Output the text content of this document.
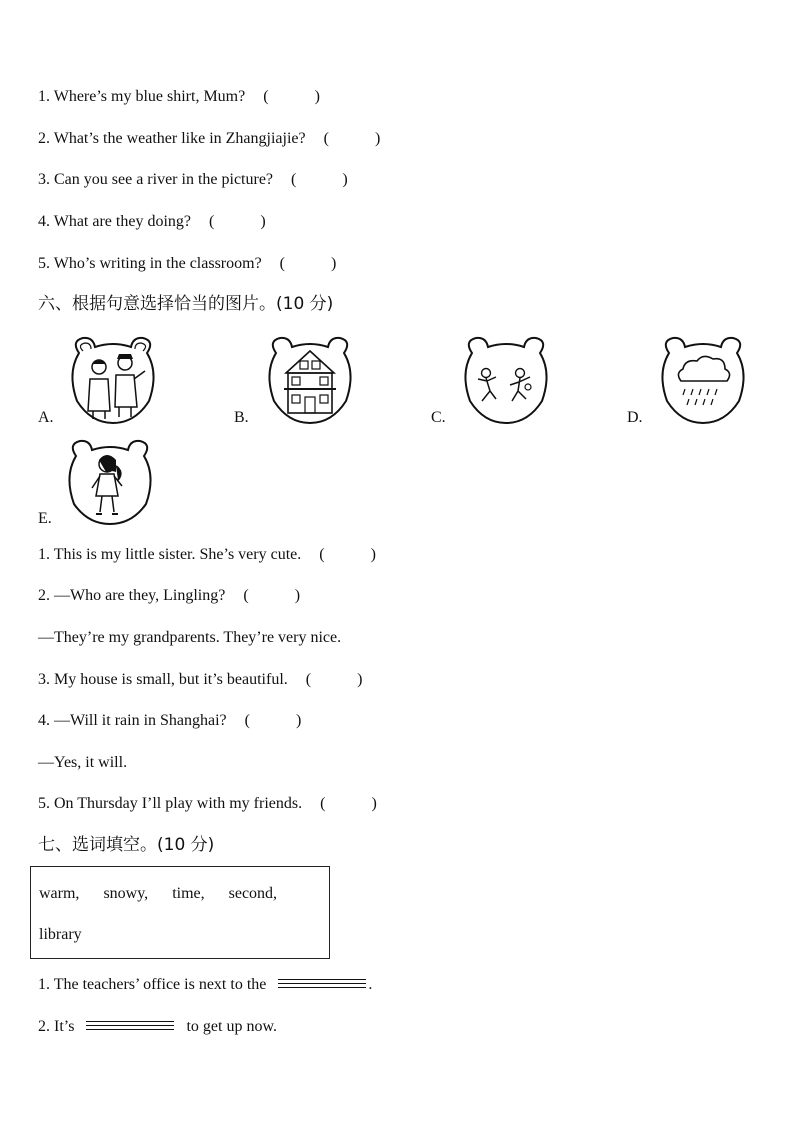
1. Where’s my blue shirt, Mum? (	)
2. What’s the weather like in Zhangjiajie? (	)
3. Can you see a river in the picture? (	)
4. What are they doing? (	)
5. Who’s writing in the classroom? (	)
六、根据句意选择恰当的图片。(10 分)
A.	B.	C.	D.
E.
1. This is my little sister. She’s very cute. (	)
2. —Who are they, Lingling? (	)
—They’re my grandparents. They’re very nice.
3. My house is small, but it’s beautiful. (	)
4. —Will it rain in Shanghai? (	)
—Yes, it will.
5. On Thursday I’ll play with my friends. (	)
七、选词填空。(10 分)
warm, snowy, time, second,
library
1. The teachers’ office is next to the	.
2. It’s	to get up now.
